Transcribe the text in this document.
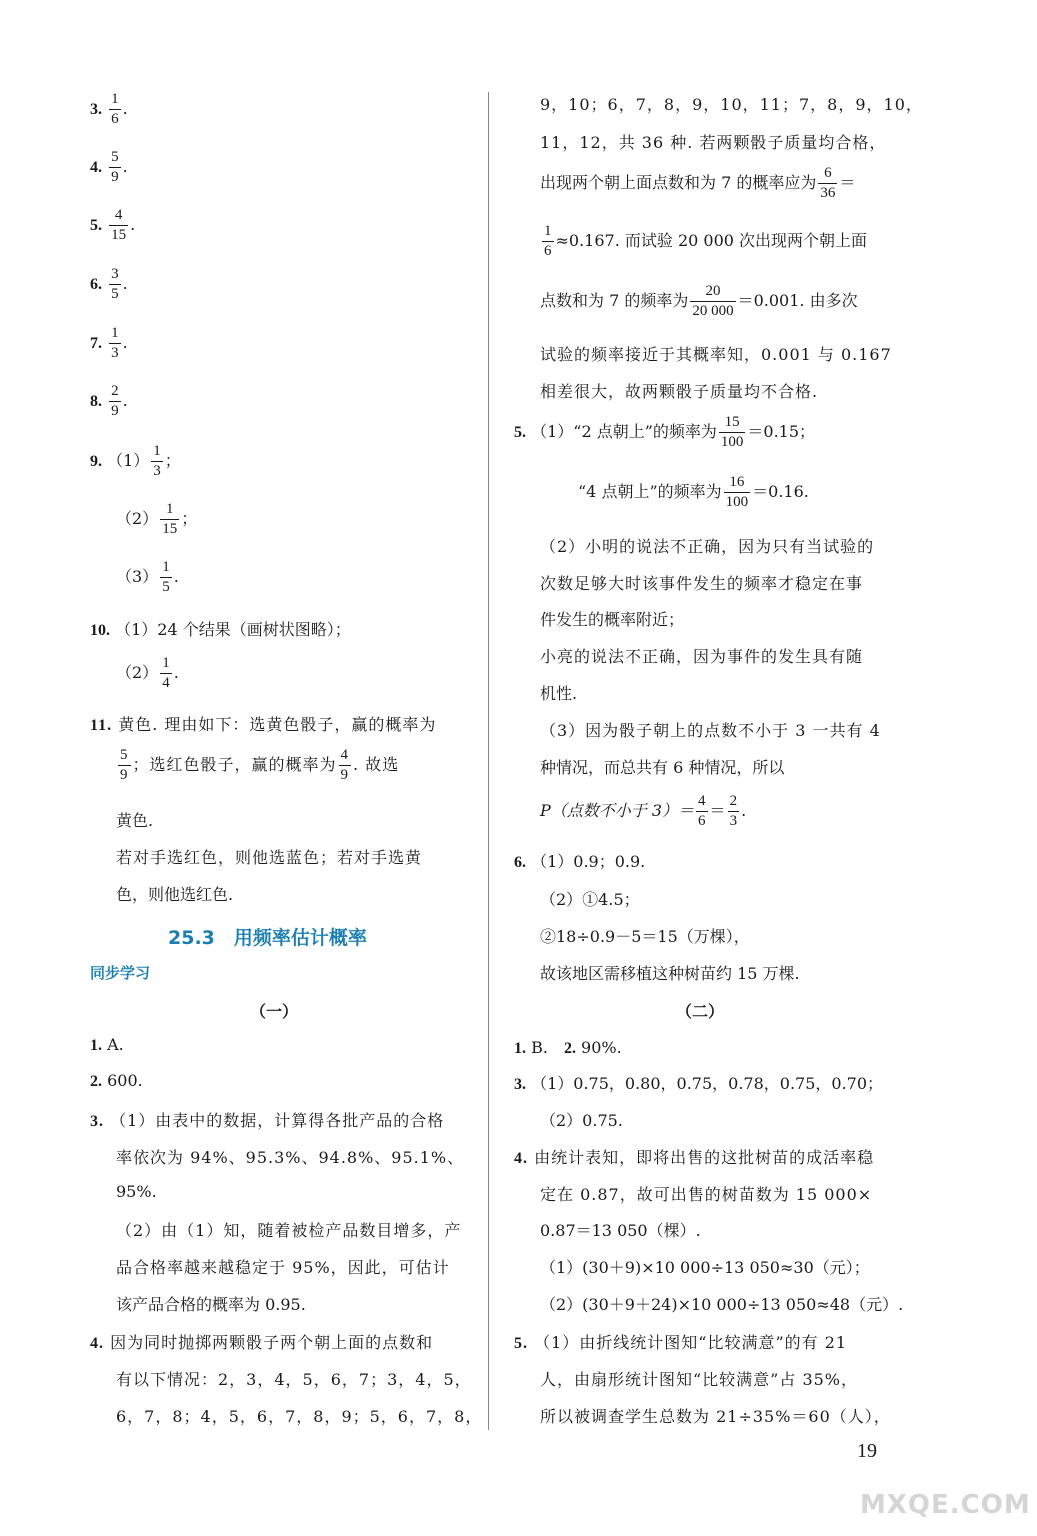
3. $\frac{1}{6}$ .
4. $\frac{5}{9}$ .
5. $\frac{4}{15}$ .
6. $\frac{3}{5}$ .
7. $\frac{1}{3}$ .
8. $\frac{2}{9}$ .
9. $(1) \frac{1}{3}$ ；
$(2) \frac{1}{15}$ ；
$(3) \frac{1}{5}$ .
10. （1）24 个结果（画树状图略）；
$(2) \frac{1}{4}$ .
11. 黄色. 理由如下：选黄色骰子，赢的概率为
$\frac{5}{9}$ ；选红色骰子，赢的概率为 $\frac{4}{9}$ . 故选
黄色.
若对手选红色，则他选蓝色；若对手选黄
色，则他选红色.
25.3　用频率估计概率
同步学习
（一）
1. A.
2. 600.
3. （1）由表中的数据，计算得各批产品的合格
率依次为 94%、95.3%、94.8%、95.1%、
95%.
（2）由（1）知，随着被检产品数目增多，产
品合格率越来越稳定于 95%，因此，可估计
该产品合格的概率为 0.95.
4. 因为同时抛掷两颗骰子两个朝上面的点数和
有以下情况：2，3，4，5，6，7；3，4，5，
6，7，8；4，5，6，7，8，9；5，6，7，8，
9，10；6，7，8，9，10，11；7，8，9，10，
11，12，共 36 种. 若两颗骰子质量均合格，
出现两个朝上面点数和为 7 的概率应为 $\frac{6}{36}$ ＝
$\frac{1}{6} \approx 0.167$. 而试验 20 000 次出现两个朝上面
点数和为 7 的频率为 $\frac{20}{20 000} =0.001$. 由多次
试验的频率接近于其概率知，0.001 与 0.167
相差很大，故两颗骰子质量均不合格.
5. （1）“2 点朝上”的频率为 $\frac{15}{100} =0.15$；
“4 点朝上”的频率为 $\frac{16}{100} =0.16$.
（2）小明的说法不正确，因为只有当试验的
次数足够大时该事件发生的频率才稳定在事
件发生的概率附近；
小亮的说法不正确，因为事件的发生具有随
机性.
（3）因为骰子朝上的点数不小于 3 一共有 4
种情况，而总共有 6 种情况，所以
P（点数不小于 $3)= \frac{4}{6} = \frac{2}{3}$ .
6. （1）0.9；0.9.
（2）①4.5；
②18÷0.9－5＝15（万棵），
故该地区需移植这种树苗约 15 万棵.
（二）
1. B.　2. 90%.
3. （1）0.75，0.80，0.75，0.78，0.75，0.70；
（2）0.75.
4. 由统计表知，即将出售的这批树苗的成活率稳
定在 0.87，故可出售的树苗数为 15 000×
0.87＝13 050（棵）.
（1）(30＋9)×10 000÷13 050≈30（元）；
（2）(30＋9＋24)×10 000÷13 050≈48（元）.
5. （1）由折线统计图知“比较满意”的有 21
人，由扇形统计图知“比较满意”占 35%，
所以被调查学生总数为 21÷35%＝60（人），
19
MXQE.COM
